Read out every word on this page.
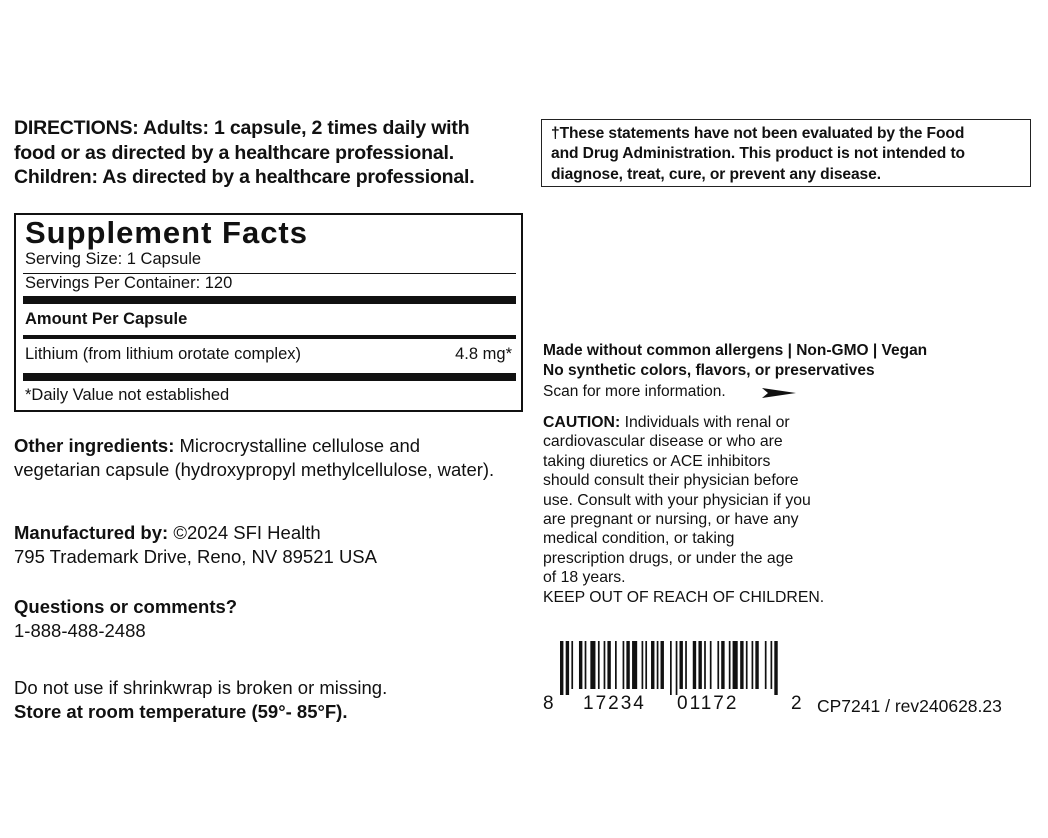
DIRECTIONS: Adults: 1 capsule, 2 times daily with
food or as directed by a healthcare professional.
Children: As directed by a healthcare professional.
†These statements have not been evaluated by the Food
and Drug Administration. This product is not intended to
diagnose, treat, cure, or prevent any disease.
Supplement Facts
Serving Size: 1 Capsule
Servings Per Container: 120
Amount Per Capsule
Lithium (from lithium orotate complex)	4.8 mg*
*Daily Value not established
Other ingredients: Microcrystalline cellulose and
vegetarian capsule (hydroxypropyl methylcellulose, water).
Manufactured by: ©2024 SFI Health
795 Trademark Drive, Reno, NV 89521 USA
Questions or comments?
1-888-488-2488
Do not use if shrinkwrap is broken or missing.
Store at room temperature (59°- 85°F).
Made without common allergens | Non-GMO | Vegan
No synthetic colors, flavors, or preservatives
Scan for more information.
CAUTION: Individuals with renal or
cardiovascular disease or who are
taking diuretics or ACE inhibitors
should consult their physician before
use. Consult with your physician if you
are pregnant or nursing, or have any
medical condition, or taking
prescription drugs, or under the age
of 18 years.
KEEP OUT OF REACH OF CHILDREN.
8 17234 01172	2 CP7241 / rev240628.23
